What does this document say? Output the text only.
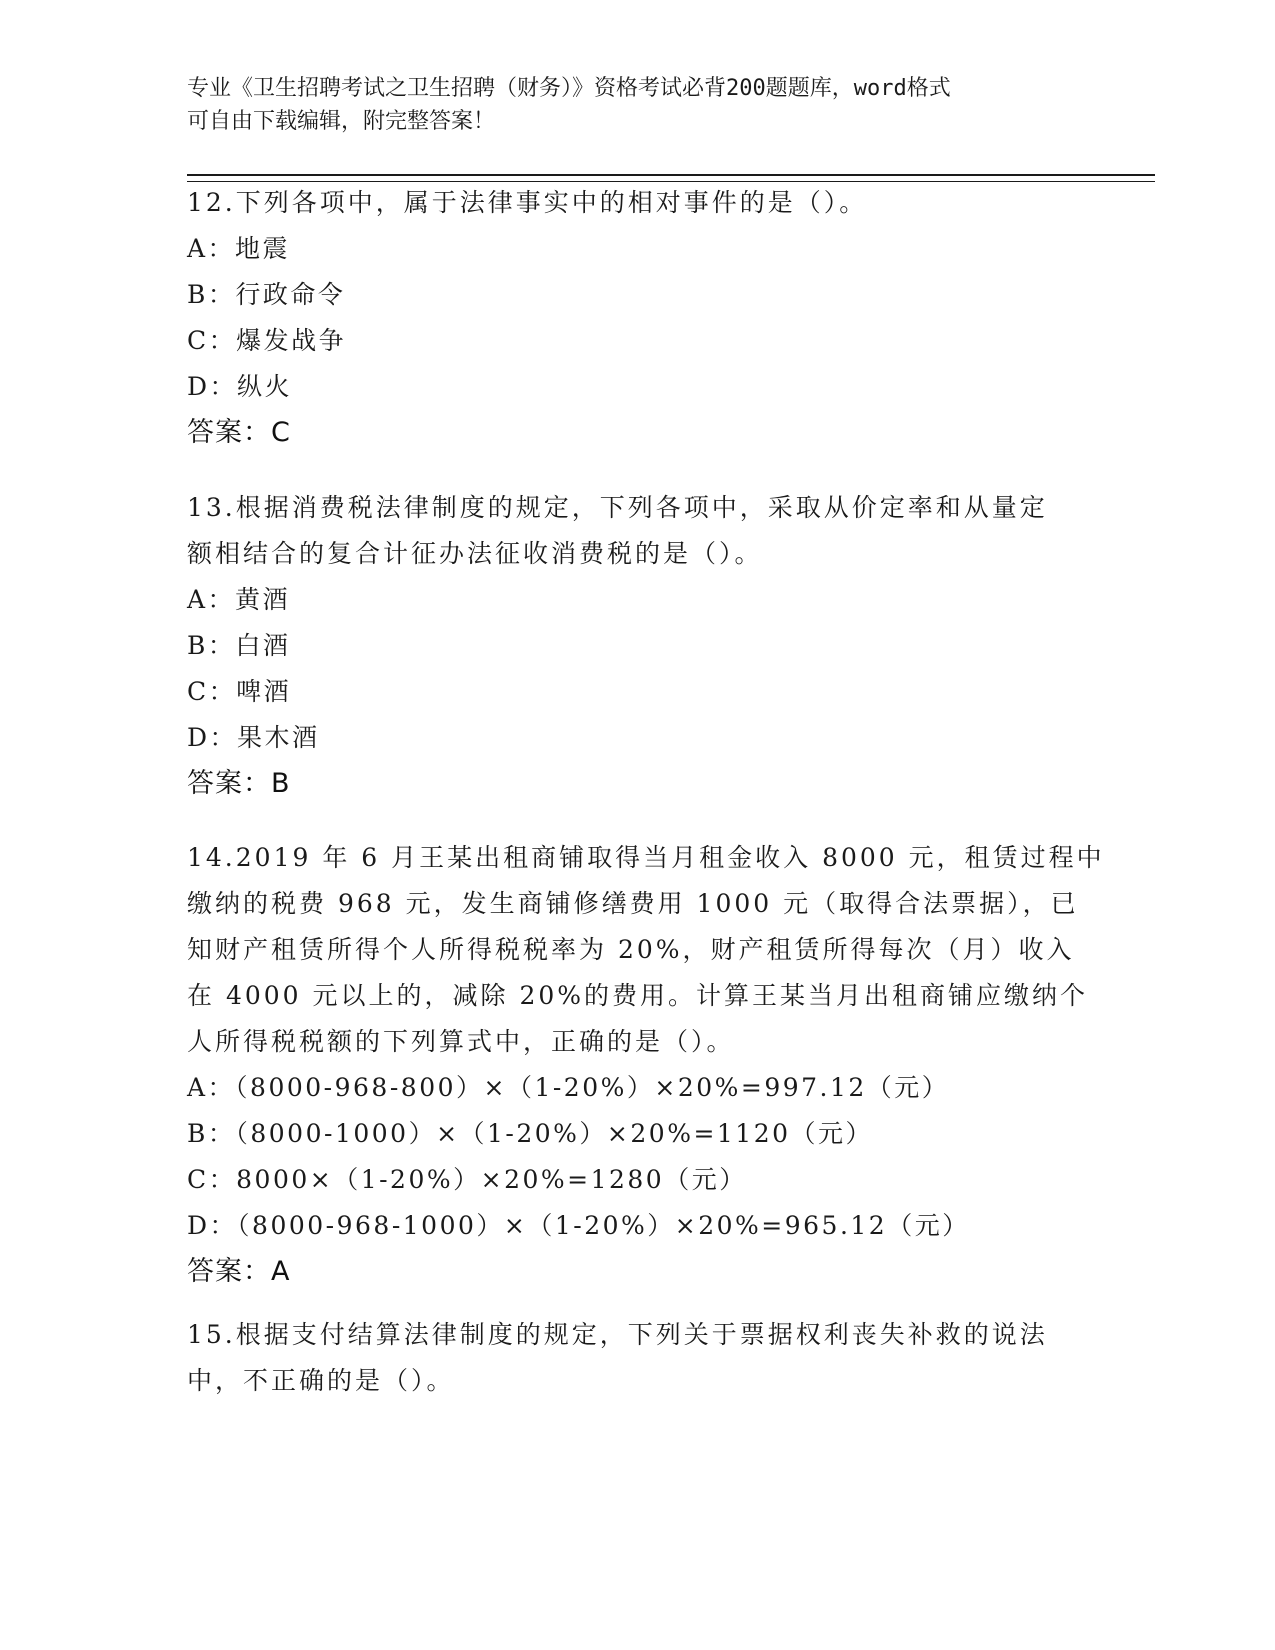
专业《卫生招聘考试之卫生招聘（财务）》资格考试必背200题题库，word格式
可自由下载编辑，附完整答案！
12.下列各项中，属于法律事实中的相对事件的是（）。
A：地震
B：行政命令
C：爆发战争
D：纵火
答案：C
13.根据消费税法律制度的规定，下列各项中，采取从价定率和从量定
额相结合的复合计征办法征收消费税的是（）。
A：黄酒
B：白酒
C：啤酒
D：果木酒
答案：B
14.2019 年 6 月王某出租商铺取得当月租金收入 8000 元，租赁过程中
缴纳的税费 968 元，发生商铺修缮费用 1000 元（取得合法票据），已
知财产租赁所得个人所得税税率为 20%，财产租赁所得每次（月）收入
在 4000 元以上的，减除 20%的费用。计算王某当月出租商铺应缴纳个
人所得税税额的下列算式中，正确的是（）。
A：（8000-968-800）×（1-20%）×20%=997.12（元）
B：（8000-1000）×（1-20%）×20%=1120（元）
C：8000×（1-20%）×20%=1280（元）
D：（8000-968-1000）×（1-20%）×20%=965.12（元）
答案：A
15.根据支付结算法律制度的规定，下列关于票据权利丧失补救的说法
中，不正确的是（）。
